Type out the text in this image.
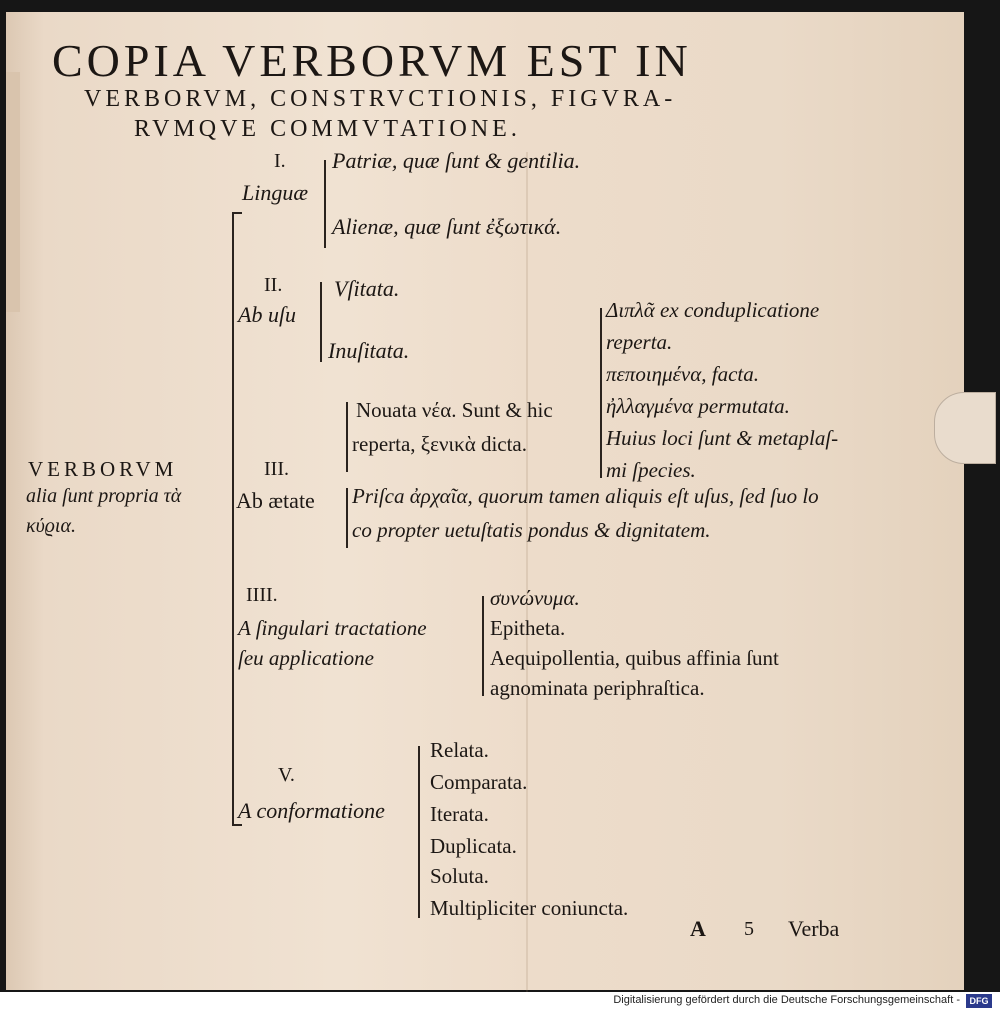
COPIA VERBORVM EST IN
VERBORVM, CONSTRVCTIONIS, FIGVRA-
RVMQVE COMMVTATIONE.
VERBORVM
alia ſunt propria τὰ
κύϱια.
I.
Linguæ
Patriæ, quæ ſunt & gentilia.
Alienæ, quæ ſunt ἐξωτικά.
II.
Ab uſu
Vſitata.
Inuſitata.
III.
Ab ætate
Nouata νέα. Sunt & hic
reperta, ξενικὰ dicta.
Διπλᾶ ex conduplicatione
reperta.
πεποιημένα, facta.
ἠλλαγμένα permutata.
Huius loci ſunt & metaplaſ-
mi ſpecies.
Priſca ἀρχαῖα, quorum tamen aliquis eſt uſus, ſed ſuo lo
co propter uetuſtatis pondus & dignitatem.
IIII.
A ſingulari tractatione
ſeu applicatione
συνώνυμα.
Epitheta.
Aequipollentia, quibus affinia ſunt
agnominata periphraſtica.
V.
A conformatione
Relata.
Comparata.
Iterata.
Duplicata.
Soluta.
Multipliciter coniuncta.
A 5 Verba
Digitalisierung gefördert durch die Deutsche Forschungsgemeinschaft -	DFG
